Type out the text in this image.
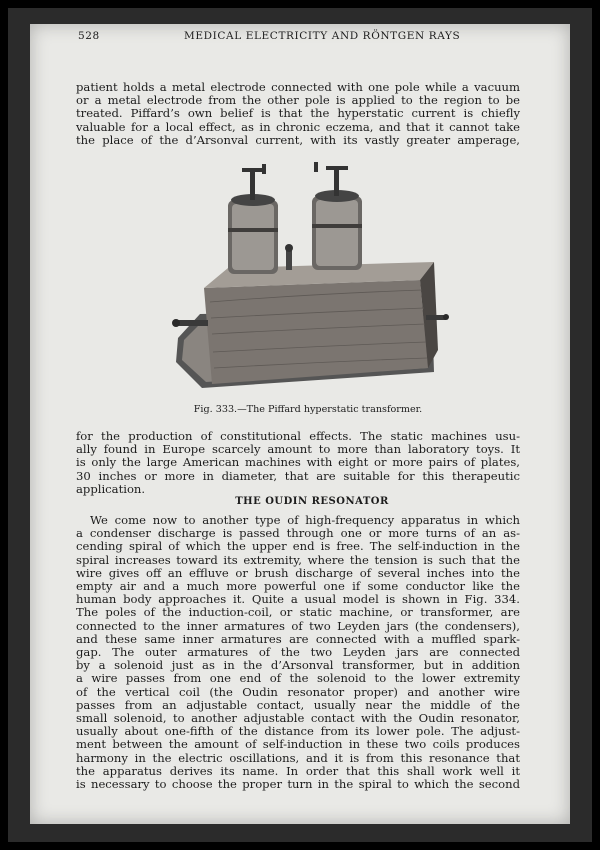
528	MEDICAL ELECTRICITY AND RÖNTGEN RAYS
patient holds a metal electrode connected with one pole while a vacuum
or a metal electrode from the other pole is applied to the region to be
treated. Piffard’s own belief is that the hyperstatic current is chiefly
valuable for a local effect, as in chronic eczema, and that it cannot take
the place of the d’Arsonval current, with its vastly greater amperage,
Fig. 333.—The Piffard hyperstatic transformer.
for the production of constitutional effects. The static machines usu-
ally found in Europe scarcely amount to more than laboratory toys. It
is only the large American machines with eight or more pairs of plates,
30 inches or more in diameter, that are suitable for this therapeutic
application.
THE OUDIN RESONATOR
We come now to another type of high-frequency apparatus in which
a condenser discharge is passed through one or more turns of an as-
cending spiral of which the upper end is free. The self-induction in the
spiral increases toward its extremity, where the tension is such that the
wire gives off an effluve or brush discharge of several inches into the
empty air and a much more powerful one if some conductor like the
human body approaches it. Quite a usual model is shown in Fig. 334.
The poles of the induction-coil, or static machine, or transformer, are
connected to the inner armatures of two Leyden jars (the condensers),
and these same inner armatures are connected with a muffled spark-
gap. The outer armatures of the two Leyden jars are connected
by a solenoid just as in the d’Arsonval transformer, but in addition
a wire passes from one end of the solenoid to the lower extremity
of the vertical coil (the Oudin resonator proper) and another wire
passes from an adjustable contact, usually near the middle of the
small solenoid, to another adjustable contact with the Oudin resonator,
usually about one-fifth of the distance from its lower pole. The adjust-
ment between the amount of self-induction in these two coils produces
harmony in the electric oscillations, and it is from this resonance that
the apparatus derives its name. In order that this shall work well it
is necessary to choose the proper turn in the spiral to which the second
